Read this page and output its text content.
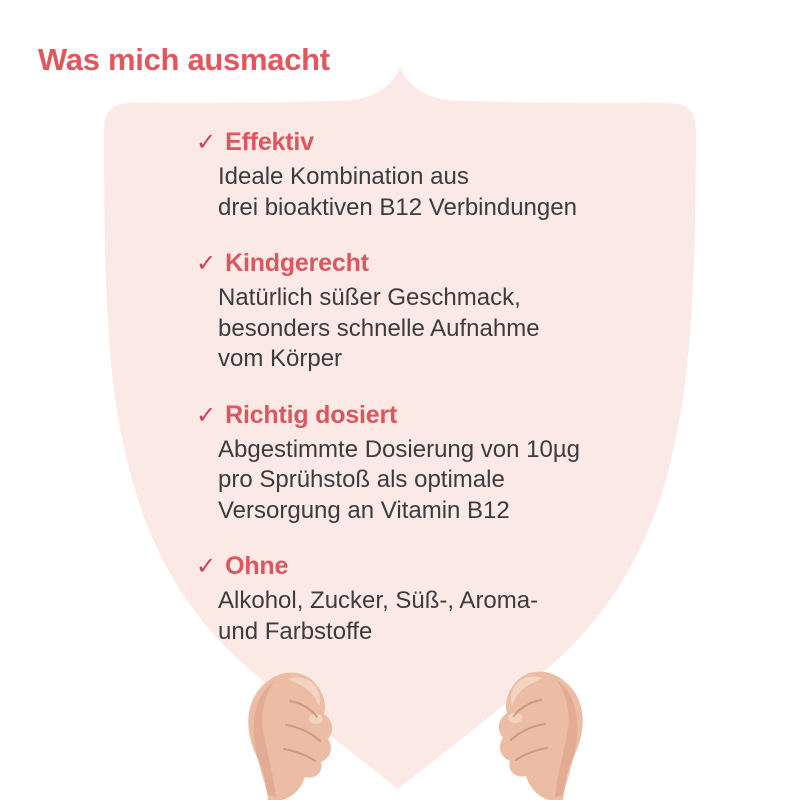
Was mich ausmacht
✓ Effektiv
Ideale Kombination aus
drei bioaktiven B12 Verbindungen
✓ Kindgerecht
Natürlich süßer Geschmack,
besonders schnelle Aufnahme
vom Körper
✓ Richtig dosiert
Abgestimmte Dosierung von 10µg
pro Sprühstoß als optimale
Versorgung an Vitamin B12
✓ Ohne
Alkohol, Zucker, Süß-, Aroma-
und Farbstoffe
